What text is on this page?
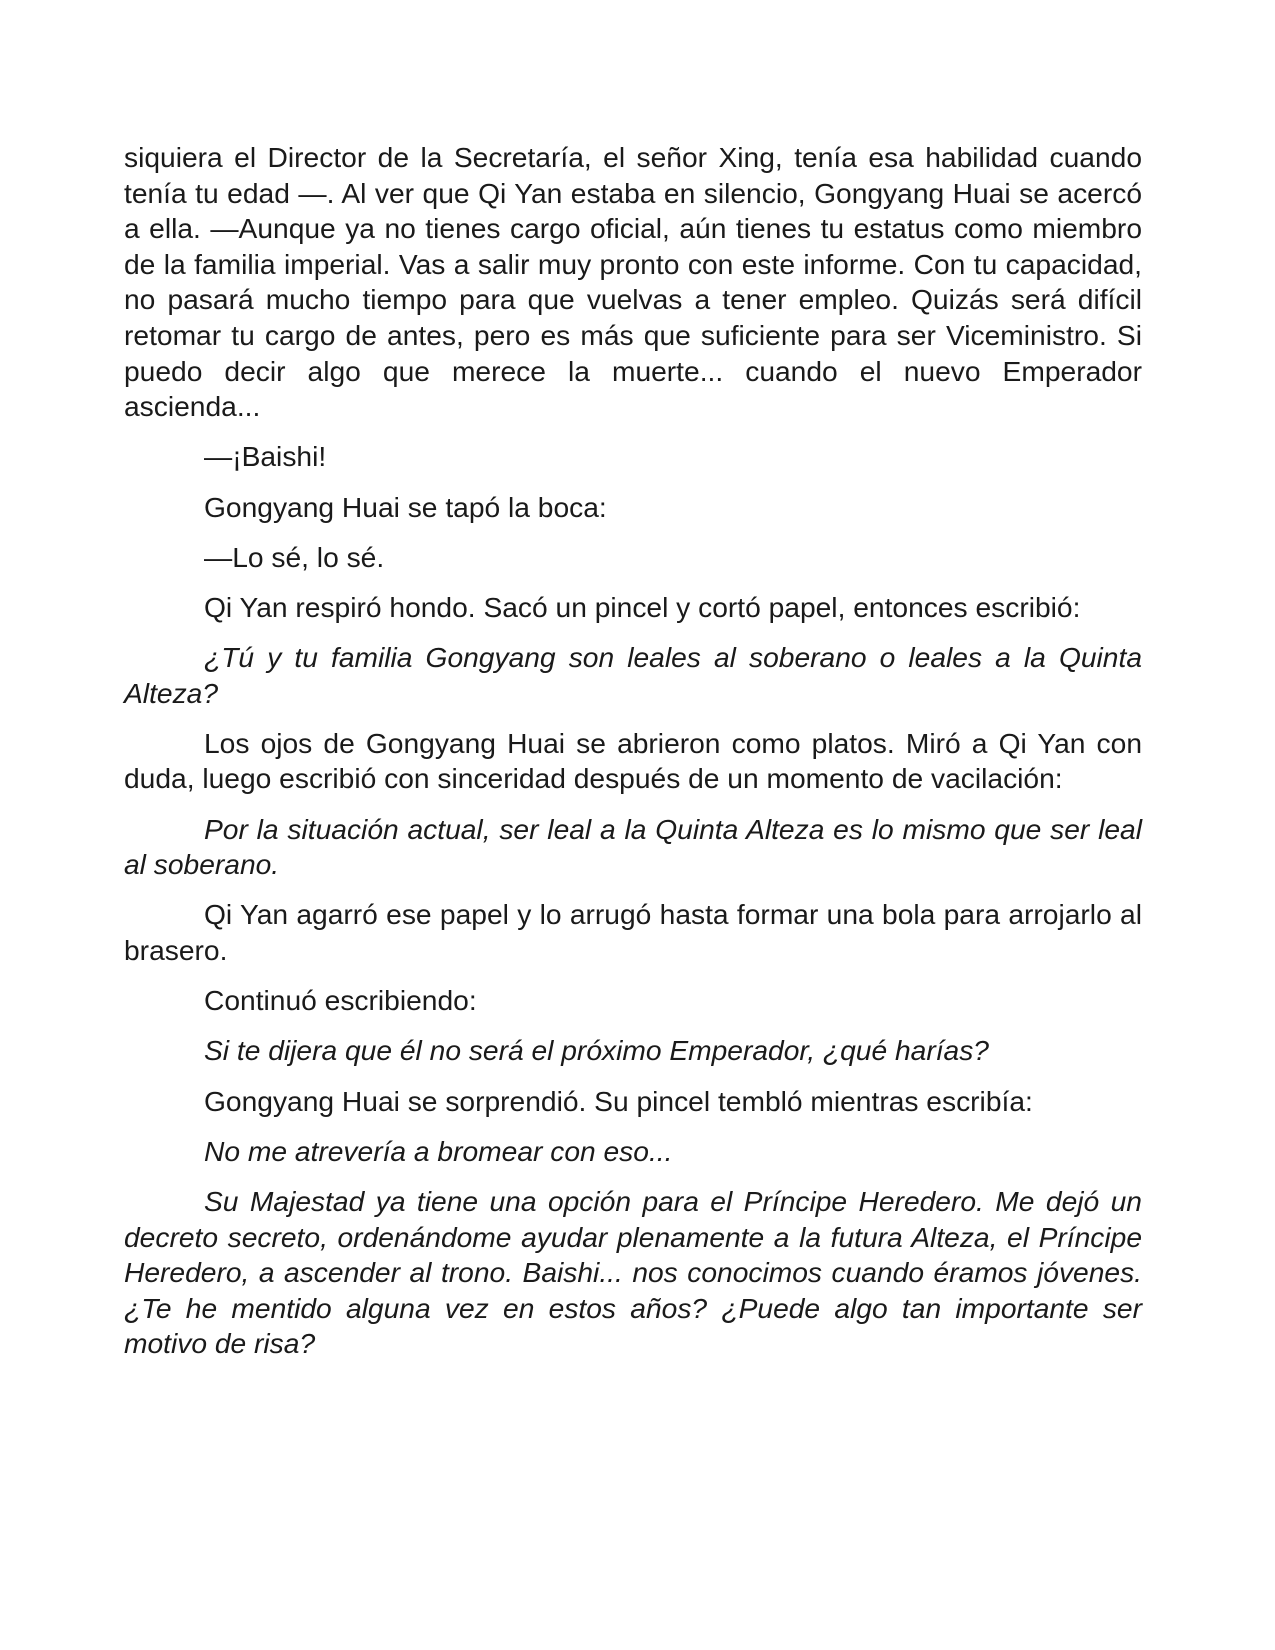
siquiera el Director de la Secretaría, el señor Xing, tenía esa habilidad cuando tenía tu edad —. Al ver que Qi Yan estaba en silencio, Gongyang Huai se acercó a ella. —Aunque ya no tienes cargo oficial, aún tienes tu estatus como miembro de la familia imperial. Vas a salir muy pronto con este informe. Con tu capacidad, no pasará mucho tiempo para que vuelvas a tener empleo. Quizás será difícil retomar tu cargo de antes, pero es más que suficiente para ser Viceministro. Si puedo decir algo que merece la muerte... cuando el nuevo Emperador ascienda...

—¡Baishi!

Gongyang Huai se tapó la boca:

—Lo sé, lo sé.

Qi Yan respiró hondo. Sacó un pincel y cortó papel, entonces escribió:

¿Tú y tu familia Gongyang son leales al soberano o leales a la Quinta Alteza?

Los ojos de Gongyang Huai se abrieron como platos. Miró a Qi Yan con duda, luego escribió con sinceridad después de un momento de vacilación:

Por la situación actual, ser leal a la Quinta Alteza es lo mismo que ser leal al soberano.

Qi Yan agarró ese papel y lo arrugó hasta formar una bola para arrojarlo al brasero.

Continuó escribiendo:

Si te dijera que él no será el próximo Emperador, ¿qué harías?

Gongyang Huai se sorprendió. Su pincel tembló mientras escribía:

No me atrevería a bromear con eso...

Su Majestad ya tiene una opción para el Príncipe Heredero. Me dejó un decreto secreto, ordenándome ayudar plenamente a la futura Alteza, el Príncipe Heredero, a ascender al trono. Baishi... nos conocimos cuando éramos jóvenes. ¿Te he mentido alguna vez en estos años? ¿Puede algo tan importante ser motivo de risa?
